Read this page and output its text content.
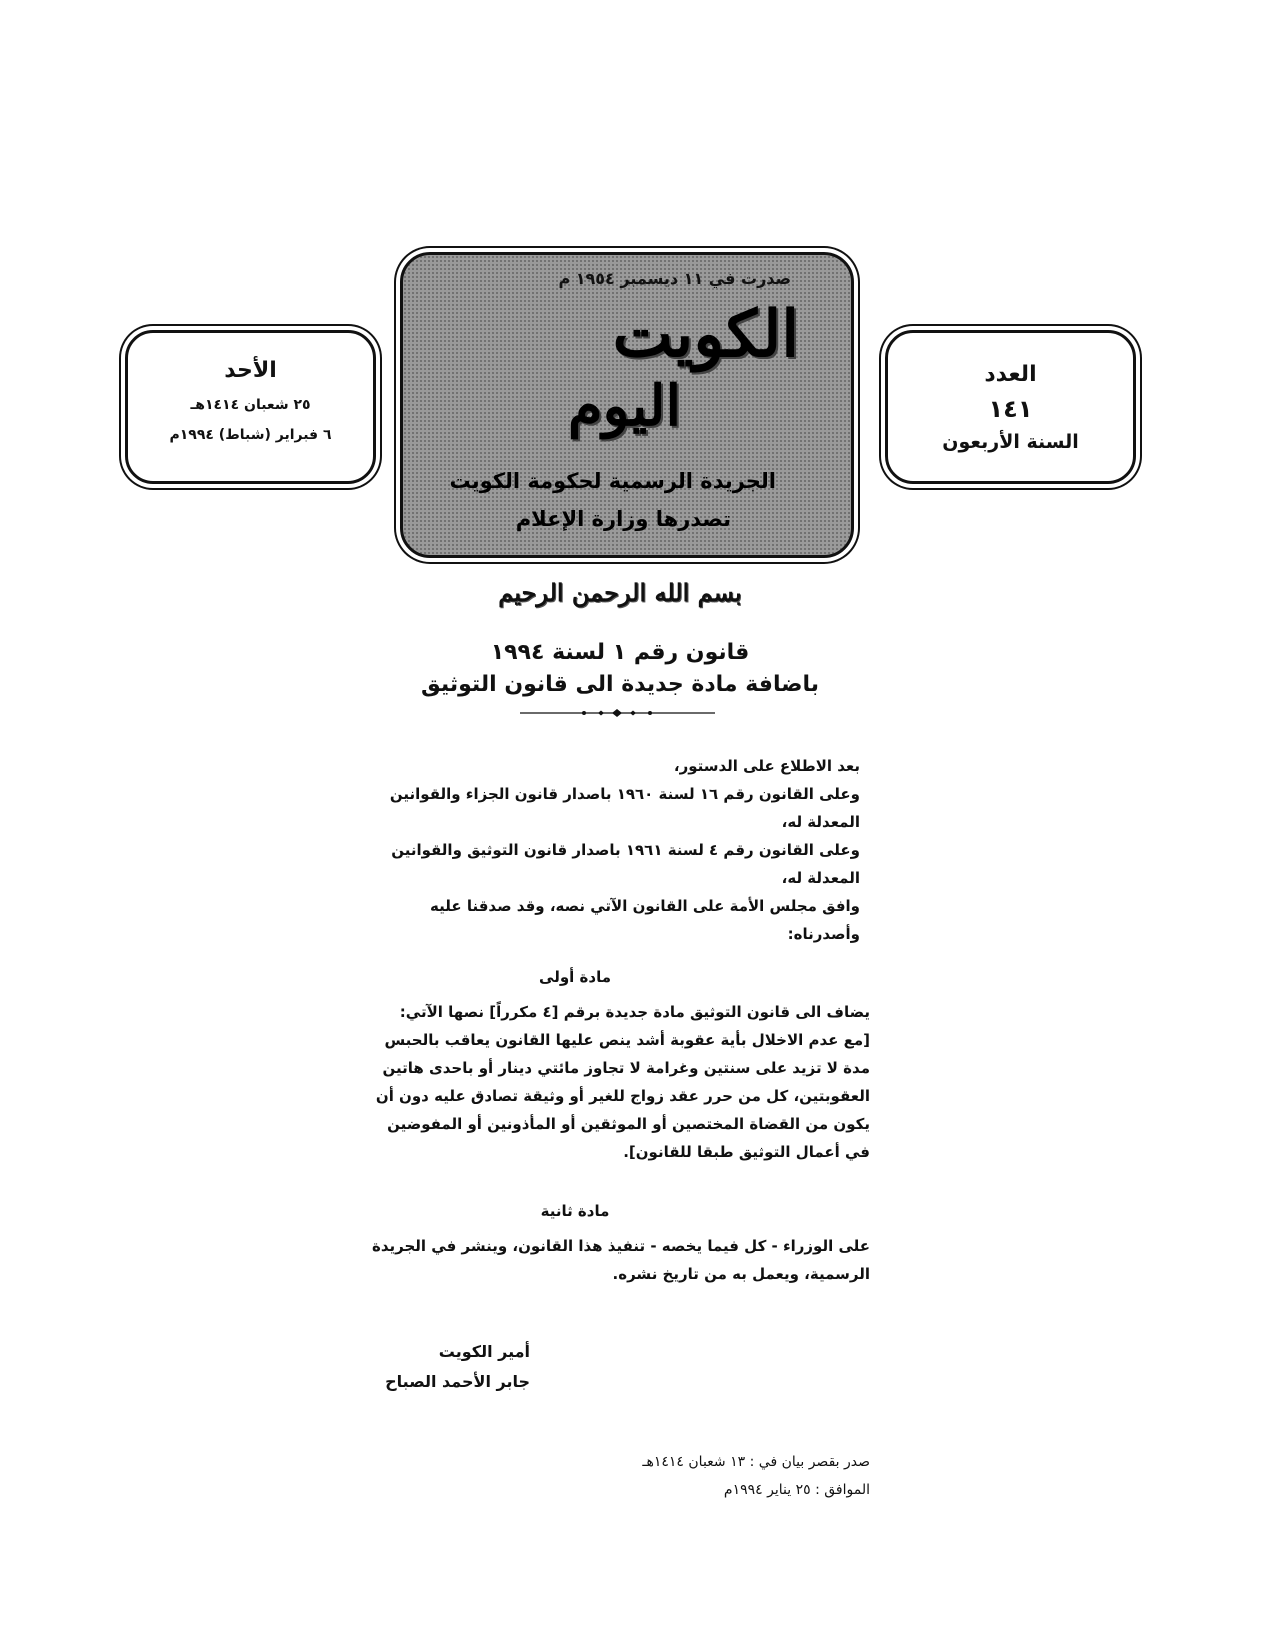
العدد
١٤١
السنة الأربعون
الأحد
٢٥ شعبان ١٤١٤هـ
٦ فبراير (شباط) ١٩٩٤م
صدرت في ١١ ديسمبر ١٩٥٤ م
الكويت
اليوم
الجريدة الرسمية لحكومة الكويت
تصدرها وزارة الإعلام
بسم الله الرحمن الرحيم
قانون رقم ١ لسنة ١٩٩٤
باضافة مادة جديدة الى قانون التوثيق

بعد الاطلاع على الدستور،

وعلى القانون رقم ١٦ لسنة ١٩٦٠ باصدار قانون الجزاء والقوانين المعدلة له،

وعلى القانون رقم ٤ لسنة ١٩٦١ باصدار قانون التوثيق والقوانين المعدلة له،

وافق مجلس الأمة على القانون الآتي نصه، وقد صدقنا عليه وأصدرناه:

مادة أولى

يضاف الى قانون التوثيق مادة جديدة برقم [٤ مكرراً] نصها الآتي:

[مع عدم الاخلال بأية عقوبة أشد ينص عليها القانون يعاقب بالحبس مدة لا تزيد على سنتين وغرامة لا تجاوز مائتي دينار أو باحدى هاتين العقوبتين، كل من حرر عقد زواج للغير أو وثيقة تصادق عليه دون أن يكون من القضاة المختصين أو الموثقين أو المأذونين أو المفوضين في أعمال التوثيق طبقا للقانون].

مادة ثانية

على الوزراء - كل فيما يخصه - تنفيذ هذا القانون، وينشر في الجريدة الرسمية، ويعمل به من تاريخ نشره.

أمير الكويت
جابر الأحمد الصباح

صدر بقصر بيان في : ١٣ شعبان ١٤١٤هـ

الموافق : ٢٥ يناير ١٩٩٤م
